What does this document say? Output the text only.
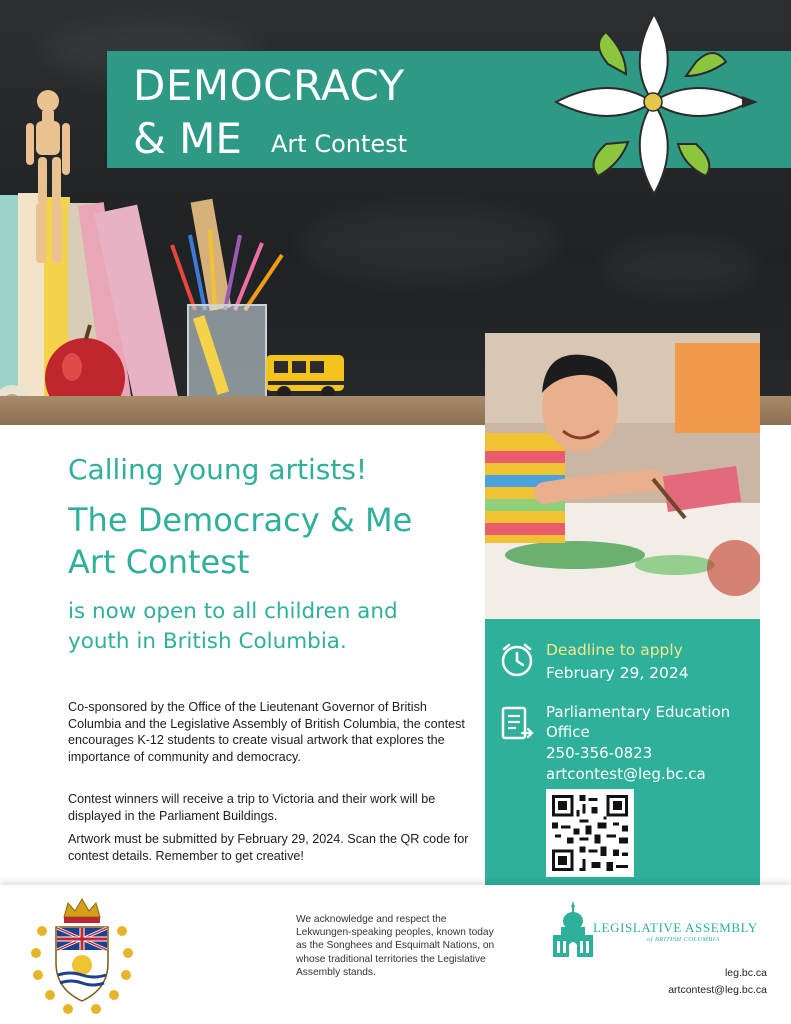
DEMOCRACY
& ME Art Contest
Deadline to apply
February 29, 2024
Parliamentary Education Office
250-356-0823
artcontest@leg.bc.ca
Calling young artists!
The Democracy & Me Art Contest
is now open to all children and youth in British Columbia.
Co-sponsored by the Office of the Lieutenant Governor of British Columbia and the Legislative Assembly of British Columbia, the contest encourages K-12 students to create visual artwork that explores the importance of community and democracy.
Contest winners will receive a trip to Victoria and their work will be displayed in the Parliament Buildings.
Artwork must be submitted by February 29, 2024. Scan the QR code for contest details. Remember to get creative!
We acknowledge and respect the Lekwungen-speaking peoples, known today as the Songhees and Esquimalt Nations, on whose traditional territories the Legislative Assembly stands.
LEGISLATIVE ASSEMBLY
of BRITISH COLUMBIA
leg.bc.ca
artcontest@leg.bc.ca
